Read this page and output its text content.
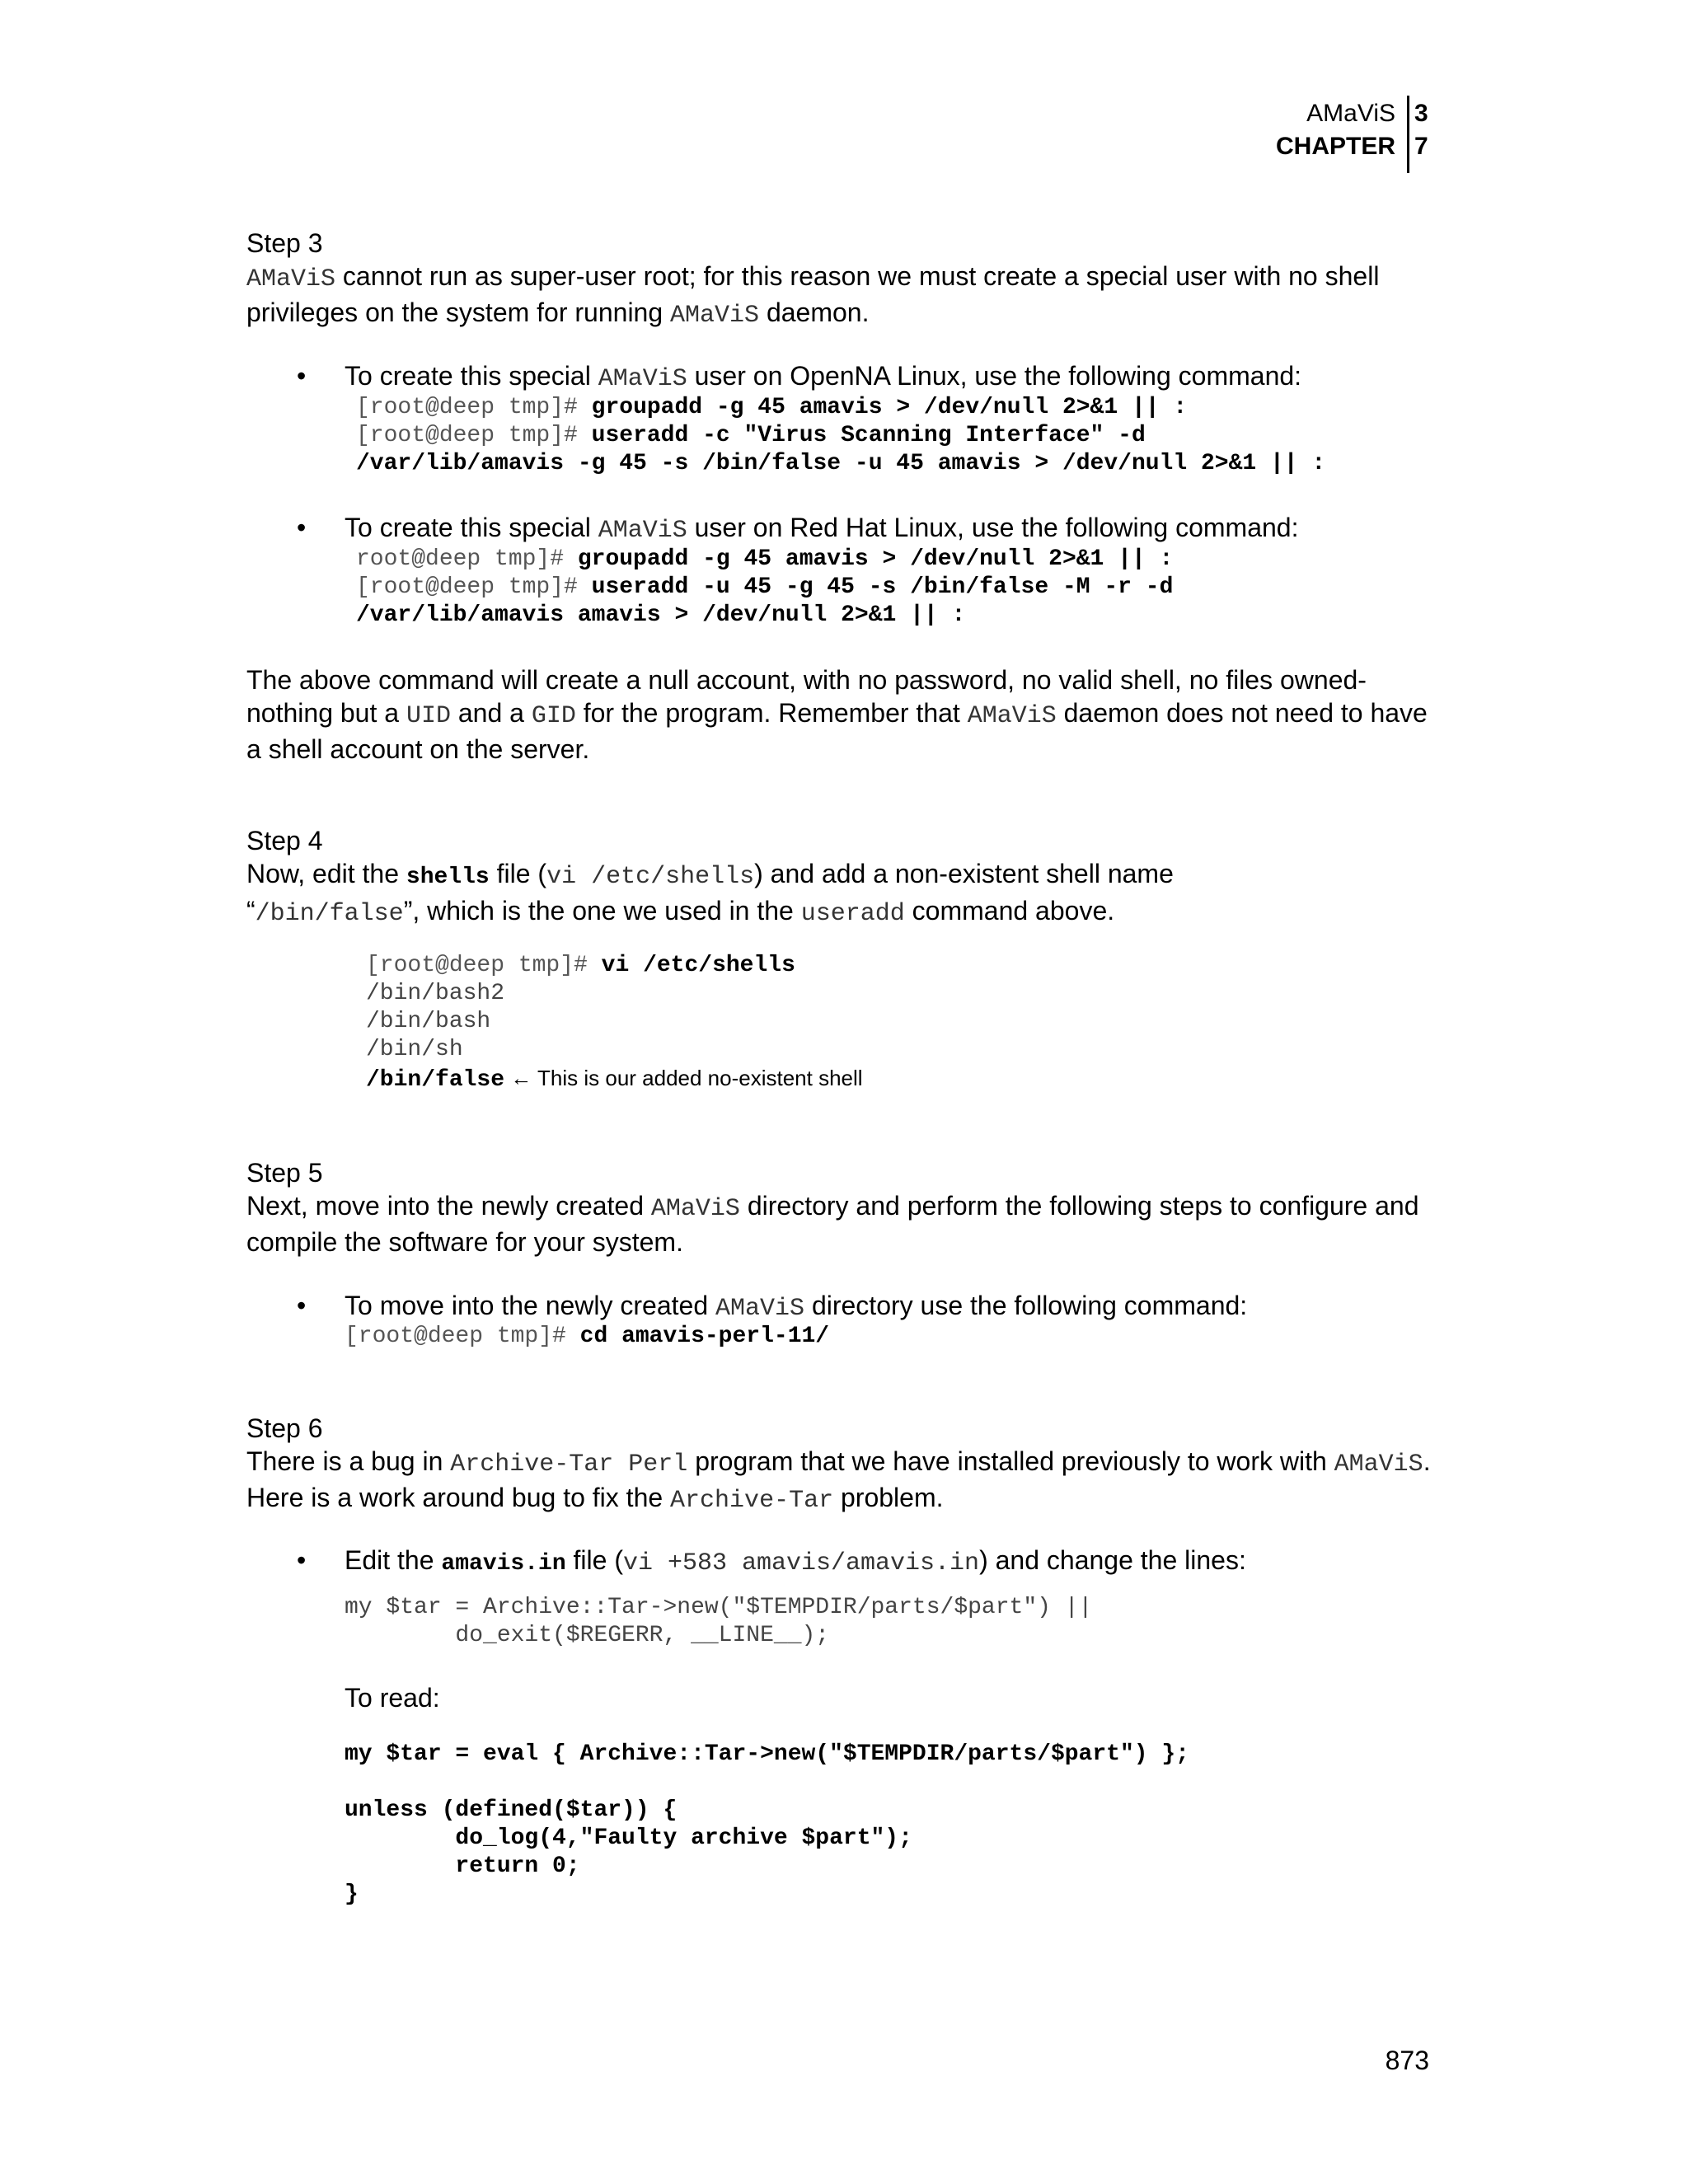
AMaViS
CHAPTER
3
7
Step 3
AMaViS cannot run as super-user root; for this reason we must create a special user with no shell privileges on the system for running AMaViS daemon.
• To create this special AMaViS user on OpenNA Linux, use the following command:
[root@deep tmp]# groupadd -g 45 amavis > /dev/null 2>&1 || :
[root@deep tmp]# useradd -c "Virus Scanning Interface" -d
/var/lib/amavis -g 45 -s /bin/false -u 45 amavis > /dev/null 2>&1 || :
• To create this special AMaViS user on Red Hat Linux, use the following command:
root@deep tmp]# groupadd -g 45 amavis > /dev/null 2>&1 || :
[root@deep tmp]# useradd -u 45 -g 45 -s /bin/false -M -r -d
/var/lib/amavis amavis > /dev/null 2>&1 || :
The above command will create a null account, with no password, no valid shell, no files owned-nothing but a UID and a GID for the program. Remember that AMaViS daemon does not need to have a shell account on the server.
Step 4
Now, edit the shells file (vi /etc/shells) and add a non-existent shell name
“/bin/false”, which is the one we used in the useradd command above.
[root@deep tmp]# vi /etc/shells
/bin/bash2
/bin/bash
/bin/sh
/bin/false ← This is our added no-existent shell
Step 5
Next, move into the newly created AMaViS directory and perform the following steps to configure and compile the software for your system.
• To move into the newly created AMaViS directory use the following command:
[root@deep tmp]# cd amavis-perl-11/
Step 6
There is a bug in Archive-Tar Perl program that we have installed previously to work with AMaViS. Here is a work around bug to fix the Archive-Tar problem.
• Edit the amavis.in file (vi +583 amavis/amavis.in) and change the lines:
my $tar = Archive::Tar->new("$TEMPDIR/parts/$part") ||
do_exit($REGERR, __LINE__);
To read:
my $tar = eval { Archive::Tar->new("$TEMPDIR/parts/$part") };
unless (defined($tar)) {
do_log(4,"Faulty archive $part");
return 0;
}
873
